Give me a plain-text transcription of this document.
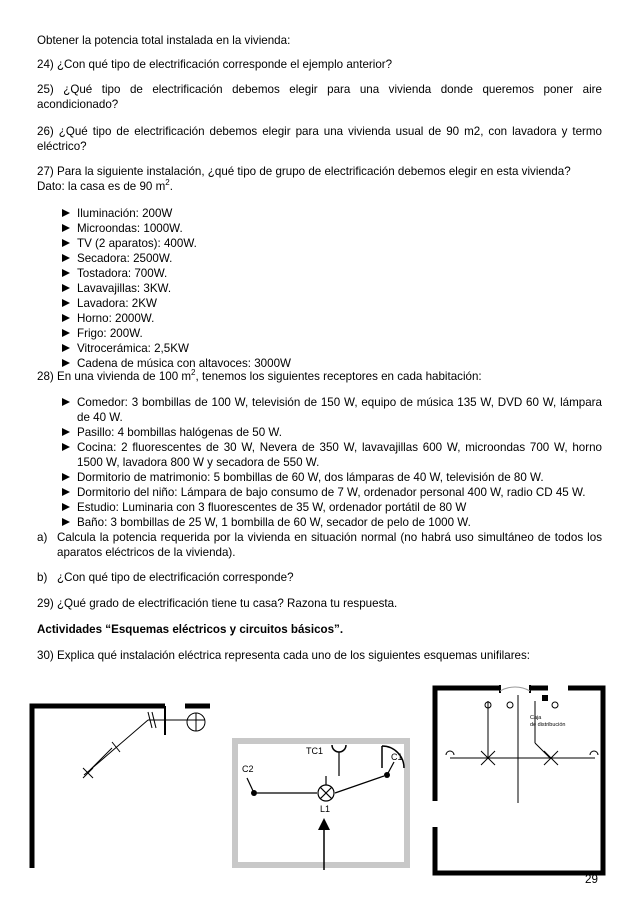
Obtener la potencia total instalada en la vivienda:

24) ¿Con qué tipo de electrificación corresponde el ejemplo anterior?

25) ¿Qué tipo de electrificación debemos elegir para una vivienda donde queremos poner aire acondicionado?

26) ¿Qué tipo de electrificación debemos elegir para una vivienda usual de 90 m2, con lavadora y termo eléctrico?

27) Para la siguiente instalación, ¿qué tipo de grupo de electrificación debemos elegir en esta vivienda?
Dato: la casa es de 90 $m^2$.
Iluminación: 200W
Microondas: 1000W.
TV (2 aparatos): 400W.
Secadora: 2500W.
Tostadora: 700W.
Lavavajillas: 3KW.
Lavadora: 2KW
Horno: 2000W.
Frigo: 200W.
Vitrocerámica: 2,5KW
Cadena de música con altavoces: 3000W

28) En una vivienda de 100 $m^2$, tenemos los siguientes receptores en cada habitación:

Comedor: 3 bombillas de 100 W, televisión de 150 W, equipo de música 135 W, DVD 60 W, lámpara de 40 W.
Pasillo: 4 bombillas halógenas de 50 W.
Cocina: 2 fluorescentes de 30 W, Nevera de 350 W, lavavajillas 600 W, microondas 700 W, horno 1500 W, lavadora 800 W y secadora de 550 W.
Dormitorio de matrimonio: 5 bombillas de 60 W, dos lámparas de 40 W, televisión de 80 W.
Dormitorio del niño: Lámpara de bajo consumo de 7 W, ordenador personal 400 W, radio CD 45 W.
Estudio: Luminaria con 3 fluorescentes de 35 W, ordenador portátil de 80 W
Baño: 3 bombillas de 25 W, 1 bombilla de 60 W, secador de pelo de 1000 W.
a) Calcula la potencia requerida por la vivienda en situación normal (no habrá uso simultáneo de todos los aparatos eléctricos de la vivienda).
b) ¿Con qué tipo de electrificación corresponde?

29) ¿Qué grado de electrificación tiene tu casa? Razona tu respuesta.

Actividades “Esquemas eléctricos y circuitos básicos”.

30) Explica qué instalación eléctrica representa cada uno de los siguientes esquemas unifilares:

TC1
C2
C1
L1
Caja
de distribución
29
